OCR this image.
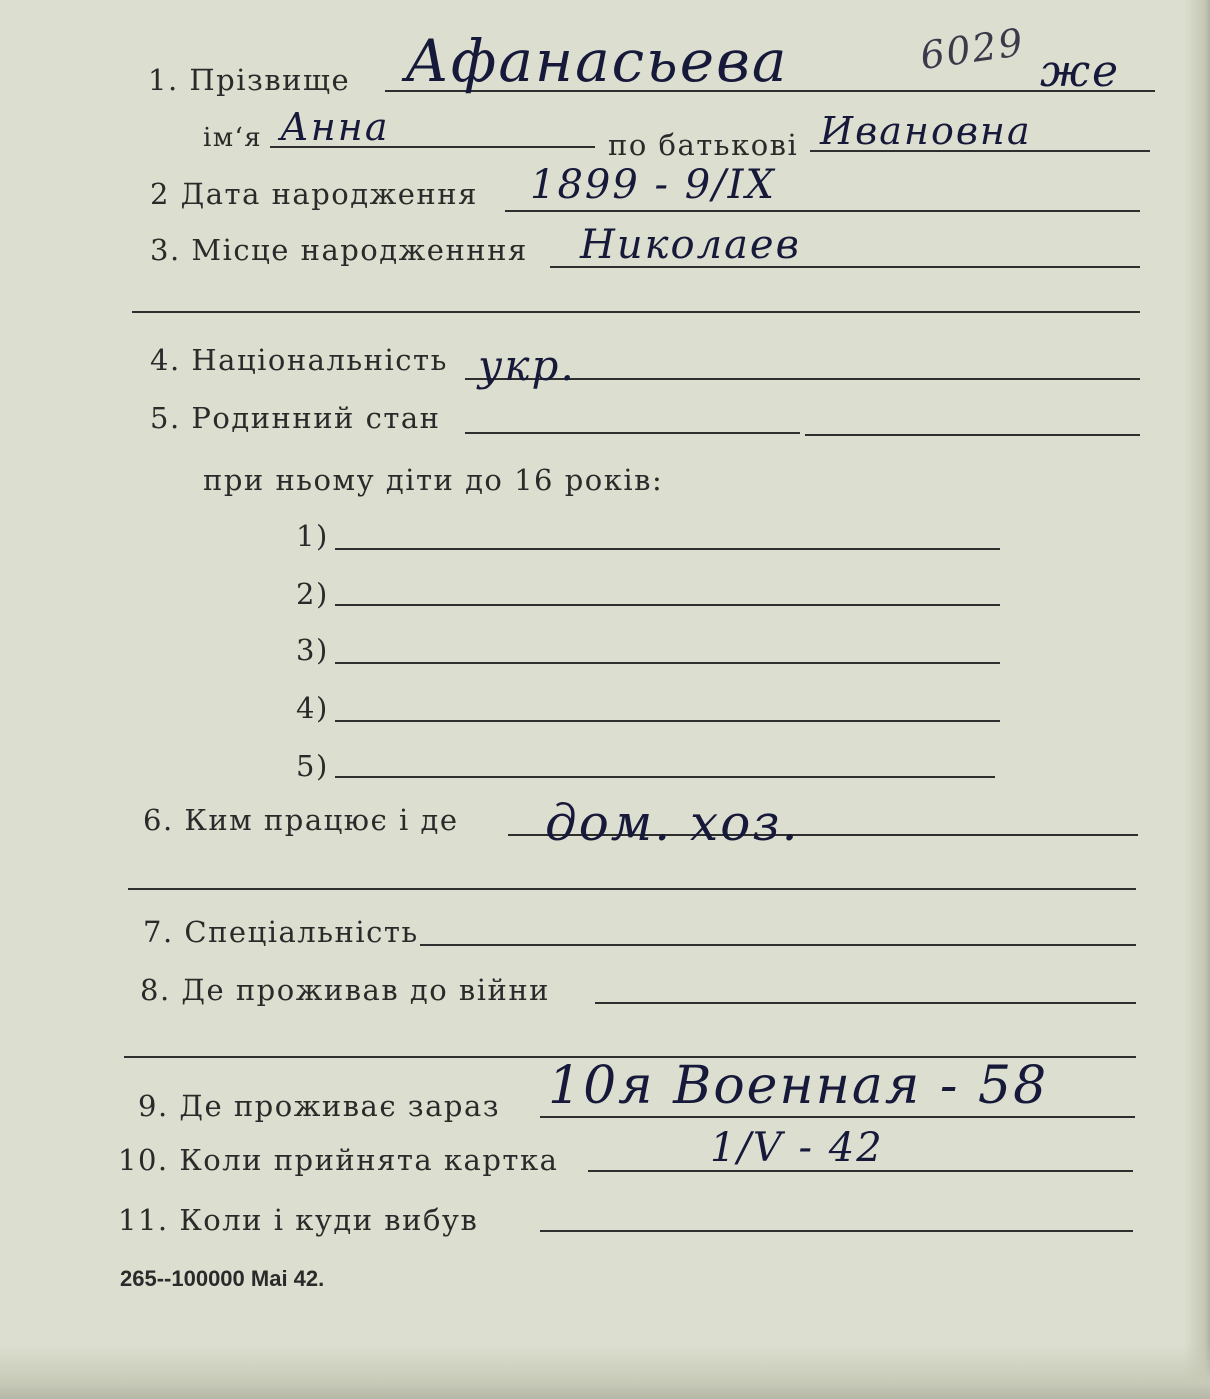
1. Прізвище Афанасьева	же
6029
ім‘я Анна	по батькові Ивановна
2 Дата народження 1899 - 9/IX
3. Місце народженння Николаев
4. Національність укр.
5. Родинний стан
при ньому діти до 16 років:
1)
2)
3)
4)
5)
6. Ким працює і де дом. хоз.
7. Спеціальність
8. Де проживав до війни
9. Де проживає зараз 10я Военная - 58
10. Коли прийнята картка	1/V - 42
11. Коли і куди вибув
265--100000 Mai 42.
